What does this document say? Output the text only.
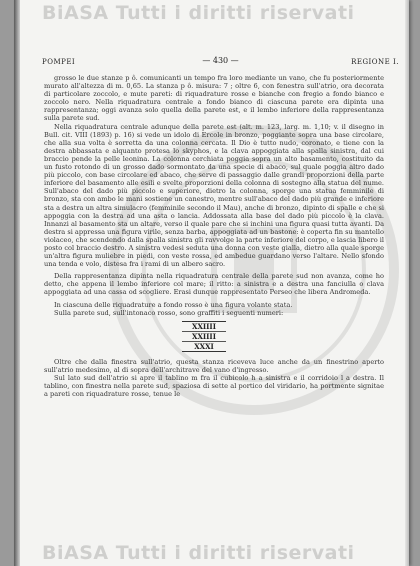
BiASA Tutti i diritti riservati
BiASA Tutti i diritti riservati
POMPEI	— 430 —	REGIONE I.

grosso le due stanze p ô. comunicanti un tempo fra loro mediante un vano, che fu posteriormente murato all'altezza di m. 0,65. La stanza p ô. misura: 7 ; oltre 6, con fenestra sull'atrio, ora decorata di particolare zoccolo, e mute pareti: di riquadrature rosse e bianche con fregio a fondo bianco e zoccolo nero. Nella riquadratura centrale a fondo bianco di ciascuna parete era dipinta una rappresentanza; oggi avanza solo quella della parete est, e il lembo inferiore della rappresentanza sulla parete sud.

Nella riquadratura centrale adunque della parete est (alt. m. 123, larg. m. 1,10; v. il disegno in Bull. cit. VIII (1893) p. 16) si vede un idolo di Ercole in bronzo, poggiante sopra una base circolare, che alla sua volta è sorretta da una colonna cercata. Il Dio è tutto nudo, coronato, e tiene con la destra abbassata e alquanto protesa lo skyphos, e la clava appoggiata alla spalla sinistra, dal cui braccio pende la pelle leonina. La colonna cerchiata poggia sopra un alto basamento, costituito da un fusto rotondo di un grosso dado sormontato da una specie di abaco, sul quale poggia altro dado più piccolo, con base circolare ed abaco, che serve di passaggio dalle grandi proporzioni della parte inferiore del basamento alle esili e svelte proporzioni della colonna di sostegno alla statua del nume. Sull'abaco del dado più piccolo e superiore, dietro la colonna, sporge una statua femminile di bronzo, sta con ambo le mani sostiene un canestro, mentre sull'abaco del dado più grande e inferiore sta a destra un altra simulacro (femminile secondo il Mau), anche di bronzo, dipinto di spalle e che si appoggia con la destra ad una asta o lancia. Addossata alla base del dado più piccolo è la clava. Innanzi al basamento sta un altare, verso il quale pare che si inchini una figura quasi tutta avanti. Da destra si appressa una figura virile, senza barba, appoggiata ad un bastone: è coperta fin su mantello violaceo, che scendendo dalla spalla sinistra gli ravvolge la parte inferiore del corpo, e lascia libero il posto col braccio destro. A sinistra vedesi seduta una donna con veste gialla, dietro alla quale sporge un'altra figura muliebre in piedi, con veste rossa, ed ambedue guardano verso l'altare. Nello sfondo una tenda e volo, distesa fra i rami di un albero sacro.

Della rappresentanza dipinta nella riquadratura centrale della parete sud non avanza, come ho detto, che appena il lembo inferiore col mare; il ritto: a sinistra e a destra una fanciulla o clava appoggiata ad una cassa od scogliere. Erasi dunque rappresentato Perseo che libera Andromeda.

In ciascuna delle riquadrature a fondo rosso è una figura volante stata.

Sulla parete sud, sull'intonaco rosso, sono graffiti i seguenti numeri:

XXIIII
XXIIII
XXXI

Oltre che dalla finestra sull'atrio, questa stanza riceveva luce anche da un finestrino aperto sull'atrio medesimo, al di sopra dell'architrave del vano d'ingresso.

Sul lato sud dell'atrio si apre il tablino m fra il cubicolo h a sinistra e il corridoio l a destra. Il tablino, con finestra nella parete sud, spaziosa di sette al portico del viridario, ha portmente signitae a pareti con riquadrature rosse, tenue le
